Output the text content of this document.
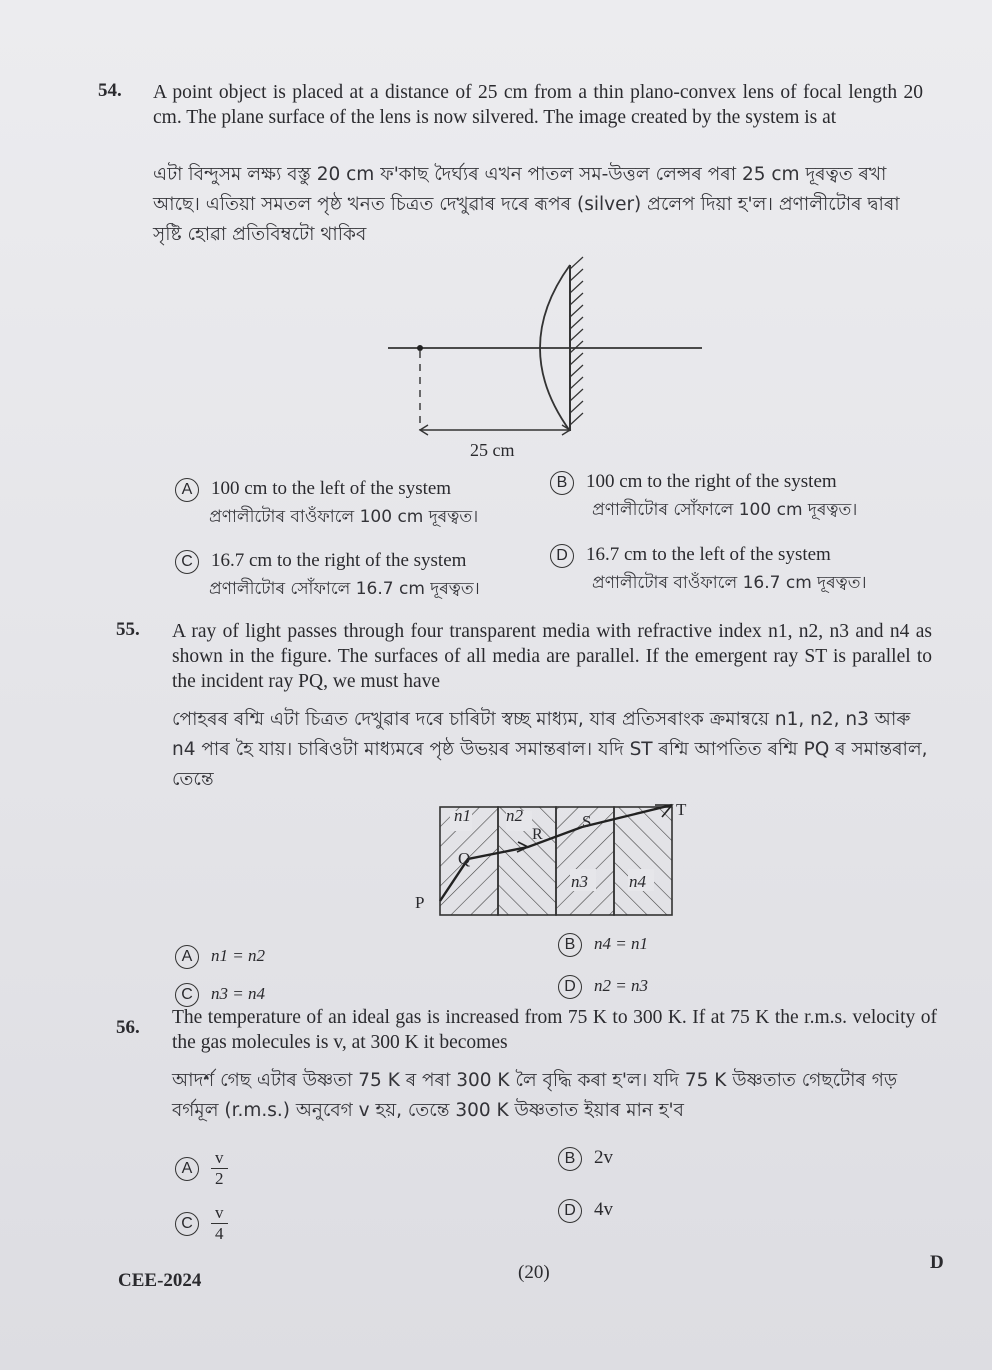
54. A point object is placed at a distance of 25 cm from a thin plano-convex lens of focal length 20 cm. The plane surface of the lens is now silvered. The image created by the system is at
এটা বিন্দুসম লক্ষ্য বস্তু 20 cm ফ'কাছ দৈৰ্ঘ্যৰ এখন পাতল সম-উত্তল লেন্সৰ পৰা 25 cm দূৰত্বত ৰখা আছে। এতিয়া সমতল পৃষ্ঠ খনত চিত্ৰত দেখুৱাৰ দৰে ৰূপৰ (silver) প্ৰলেপ দিয়া হ'ল। প্ৰণালীটোৰ দ্বাৰা সৃষ্টি হোৱা প্ৰতিবিম্বটো থাকিব
25 cm
A 100 cm to the left of the system
প্ৰণালীটোৰ বাওঁফালে 100 cm দূৰত্বত।
B 100 cm to the right of the system
প্ৰণালীটোৰ সোঁফালে 100 cm দূৰত্বত।
C 16.7 cm to the right of the system
প্ৰণালীটোৰ সোঁফালে 16.7 cm দূৰত্বত।
D 16.7 cm to the left of the system
প্ৰণালীটোৰ বাওঁফালে 16.7 cm দূৰত্বত।
55. A ray of light passes through four transparent media with refractive index n1, n2, n3 and n4 as shown in the figure. The surfaces of all media are parallel. If the emergent ray ST is parallel to the incident ray PQ, we must have
পোহৰৰ ৰশ্মি এটা চিত্ৰত দেখুৱাৰ দৰে চাৰিটা স্বচ্ছ মাধ্যম, যাৰ প্ৰতিসৰাংক ক্ৰমান্বয়ে n1, n2, n3 আৰু n4 পাৰ হৈ যায়। চাৰিওটা মাধ্যমৰে পৃষ্ঠ উভয়ৰ সমান্তৰাল। যদি ST ৰশ্মি আপতিত ৰশ্মি PQ ৰ সমান্তৰাল, তেন্তে
n1 n2
n3 n4
P
Q
R
S
T
A n1 = n2
B n4 = n1
C n3 = n4	D n2 = n3
56. The temperature of an ideal gas is increased from 75 K to 300 K. If at 75 K the r.m.s. velocity of the gas molecules is v, at 300 K it becomes
আদৰ্শ গেছ এটাৰ উষ্ণতা 75 K ৰ পৰা 300 K লৈ বৃদ্ধি কৰা হ'ল। যদি 75 K উষ্ণতাত গেছটোৰ গড় বৰ্গমূল (r.m.s.) অনুবেগ v হয়, তেন্তে 300 K উষ্ণতাত ইয়াৰ মান হ'ব
A $\frac{v}{2}$	B 2v
C $\frac{v}{4}$	D 4v
CEE-2024	(20)	D
